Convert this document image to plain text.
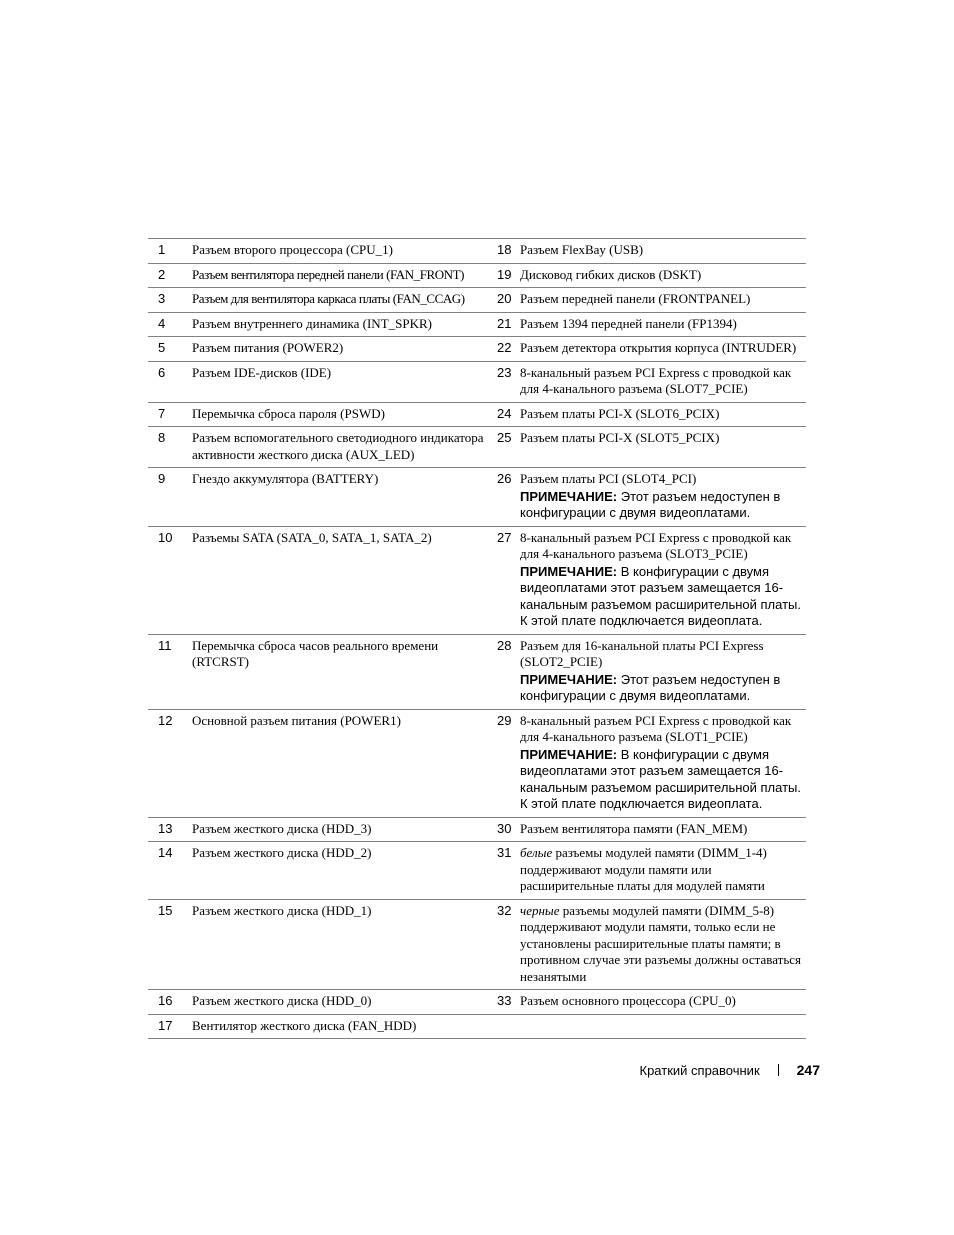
1	Разъем второго процессора (CPU_1)	18	Разъем FlexBay (USB)

2	Разъем вентилятора передней панели (FAN_FRONT)	19	Дисковод гибких дисков (DSKT)

3	Разъем для вентилятора каркаса платы (FAN_CCAG)	20	Разъем передней панели (FRONTPANEL)

4	Разъем внутреннего динамика (INT_SPKR)	21	Разъем 1394 передней панели (FP1394)

5	Разъем питания (POWER2)	22	Разъем детектора открытия корпуса (INTRUDER)

6	Разъем IDE-дисков (IDE)	23	8-канальный разъем PCI Express с проводкой как для 4-канального разъема (SLOT7_PCIE)

7	Перемычка сброса пароля (PSWD)	24	Разъем платы PCI-X (SLOT6_PCIX)

8	Разъем вспомогательного светодиодного индикатора активности жесткого диска (AUX_LED)	25	Разъем платы PCI-X (SLOT5_PCIX)

9	Гнездо аккумулятора (BATTERY)	26	Разъем платы PCI (SLOT4_PCI)
ПРИМЕЧАНИЕ: Этот разъем недоступен в конфигурации с двумя видеоплатами.

10	Разъемы SATA (SATA_0, SATA_1, SATA_2)	27	8-канальный разъем PCI Express с проводкой как для 4-канального разъема (SLOT3_PCIE)
ПРИМЕЧАНИЕ: В конфигурации с двумя видеоплатами этот разъем замещается 16-канальным разъемом расширительной платы. К этой плате подключается видеоплата.

11	Перемычка сброса часов реального времени (RTCRST)	28	Разъем для 16-канальной платы PCI Express (SLOT2_PCIE)
ПРИМЕЧАНИЕ: Этот разъем недоступен в конфигурации с двумя видеоплатами.

12	Основной разъем питания (POWER1)	29	8-канальный разъем PCI Express с проводкой как для 4-канального разъема (SLOT1_PCIE)
ПРИМЕЧАНИЕ: В конфигурации с двумя видеоплатами этот разъем замещается 16-канальным разъемом расширительной платы. К этой плате подключается видеоплата.

13	Разъем жесткого диска (HDD_3)	30	Разъем вентилятора памяти (FAN_MEM)

14	Разъем жесткого диска (HDD_2)	31	белые разъемы модулей памяти (DIMM_1-4) поддерживают модули памяти или расширительные платы для модулей памяти

15	Разъем жесткого диска (HDD_1)	32	черные разъемы модулей памяти (DIMM_5-8) поддерживают модули памяти, только если не установлены расширительные платы памяти; в противном случае эти разъемы должны оставаться незанятыми

16	Разъем жесткого диска (HDD_0)	33	Разъем основного процессора (CPU_0)

17	Вентилятор жесткого диска (FAN_HDD)		
Краткий справочник	247
